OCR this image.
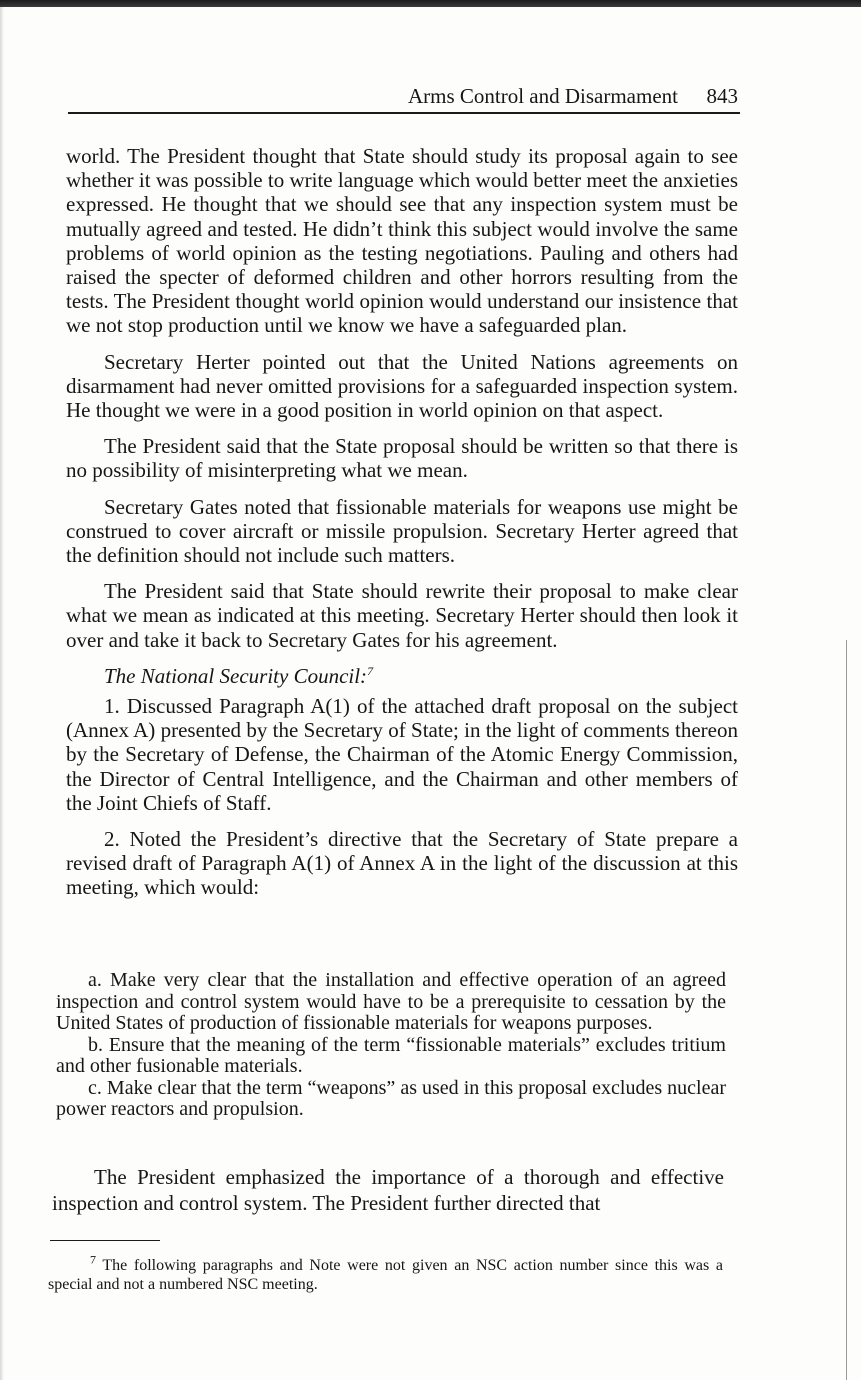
Arms Control and Disarmament 843

world. The President thought that State should study its proposal again to see whether it was possible to write language which would better meet the anxieties expressed. He thought that we should see that any inspection system must be mutually agreed and tested. He didn’t think this subject would involve the same problems of world opinion as the testing negotiations. Pauling and others had raised the specter of deformed children and other horrors resulting from the tests. The President thought world opinion would understand our insistence that we not stop production until we know we have a safeguarded plan.

Secretary Herter pointed out that the United Nations agreements on disarmament had never omitted provisions for a safeguarded inspection system. He thought we were in a good position in world opinion on that aspect.

The President said that the State proposal should be written so that there is no possibility of misinterpreting what we mean.

Secretary Gates noted that fissionable materials for weapons use might be construed to cover aircraft or missile propulsion. Secretary Herter agreed that the definition should not include such matters.

The President said that State should rewrite their proposal to make clear what we mean as indicated at this meeting. Secretary Herter should then look it over and take it back to Secretary Gates for his agreement.

The National Security Council:$^7$

1. Discussed Paragraph A(1) of the attached draft proposal on the subject (Annex A) presented by the Secretary of State; in the light of comments thereon by the Secretary of Defense, the Chairman of the Atomic Energy Commission, the Director of Central Intelligence, and the Chairman and other members of the Joint Chiefs of Staff.

2. Noted the President’s directive that the Secretary of State prepare a revised draft of Paragraph A(1) of Annex A in the light of the discussion at this meeting, which would:

a. Make very clear that the installation and effective operation of an agreed inspection and control system would have to be a prerequisite to cessation by the United States of production of fissionable materials for weapons purposes.

b. Ensure that the meaning of the term “fissionable materials” excludes tritium and other fusionable materials.

c. Make clear that the term “weapons” as used in this proposal excludes nuclear power reactors and propulsion.

The President emphasized the importance of a thorough and effective inspection and control system. The President further directed that

$^7$ The following paragraphs and Note were not given an NSC action number since this was a special and not a numbered NSC meeting.
